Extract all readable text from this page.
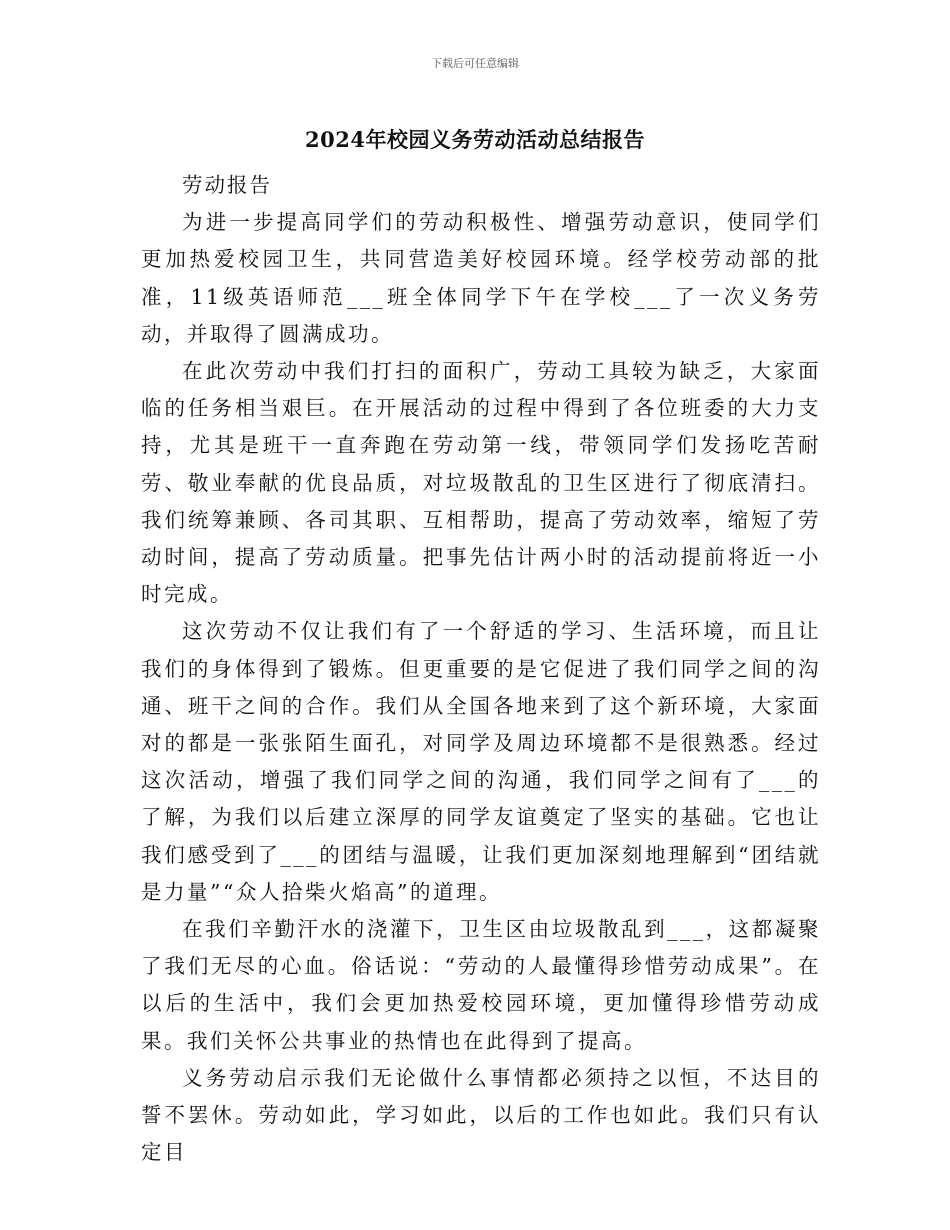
下载后可任意编辑
2024年校园义务劳动活动总结报告

劳动报告

为进一步提高同学们的劳动积极性、增强劳动意识，使同学们更加热爱校园卫生，共同营造美好校园环境。经学校劳动部的批准，11级英语师范___班全体同学下午在学校___了一次义务劳动，并取得了圆满成功。

在此次劳动中我们打扫的面积广，劳动工具较为缺乏，大家面临的任务相当艰巨。在开展活动的过程中得到了各位班委的大力支持，尤其是班干一直奔跑在劳动第一线，带领同学们发扬吃苦耐劳、敬业奉献的优良品质，对垃圾散乱的卫生区进行了彻底清扫。我们统筹兼顾、各司其职、互相帮助，提高了劳动效率，缩短了劳动时间，提高了劳动质量。把事先估计两小时的活动提前将近一小时完成。

这次劳动不仅让我们有了一个舒适的学习、生活环境，而且让我们的身体得到了锻炼。但更重要的是它促进了我们同学之间的沟通、班干之间的合作。我们从全国各地来到了这个新环境，大家面对的都是一张张陌生面孔，对同学及周边环境都不是很熟悉。经过这次活动，增强了我们同学之间的沟通，我们同学之间有了___的了解，为我们以后建立深厚的同学友谊奠定了坚实的基础。它也让我们感受到了___的团结与温暖，让我们更加深刻地理解到“团结就是力量”“众人拾柴火焰高”的道理。

在我们辛勤汗水的浇灌下，卫生区由垃圾散乱到___，这都凝聚了我们无尽的心血。俗话说：“劳动的人最懂得珍惜劳动成果”。在以后的生活中，我们会更加热爱校园环境，更加懂得珍惜劳动成果。我们关怀公共事业的热情也在此得到了提高。

义务劳动启示我们无论做什么事情都必须持之以恒，不达目的誓不罢休。劳动如此，学习如此，以后的工作也如此。我们只有认定目
